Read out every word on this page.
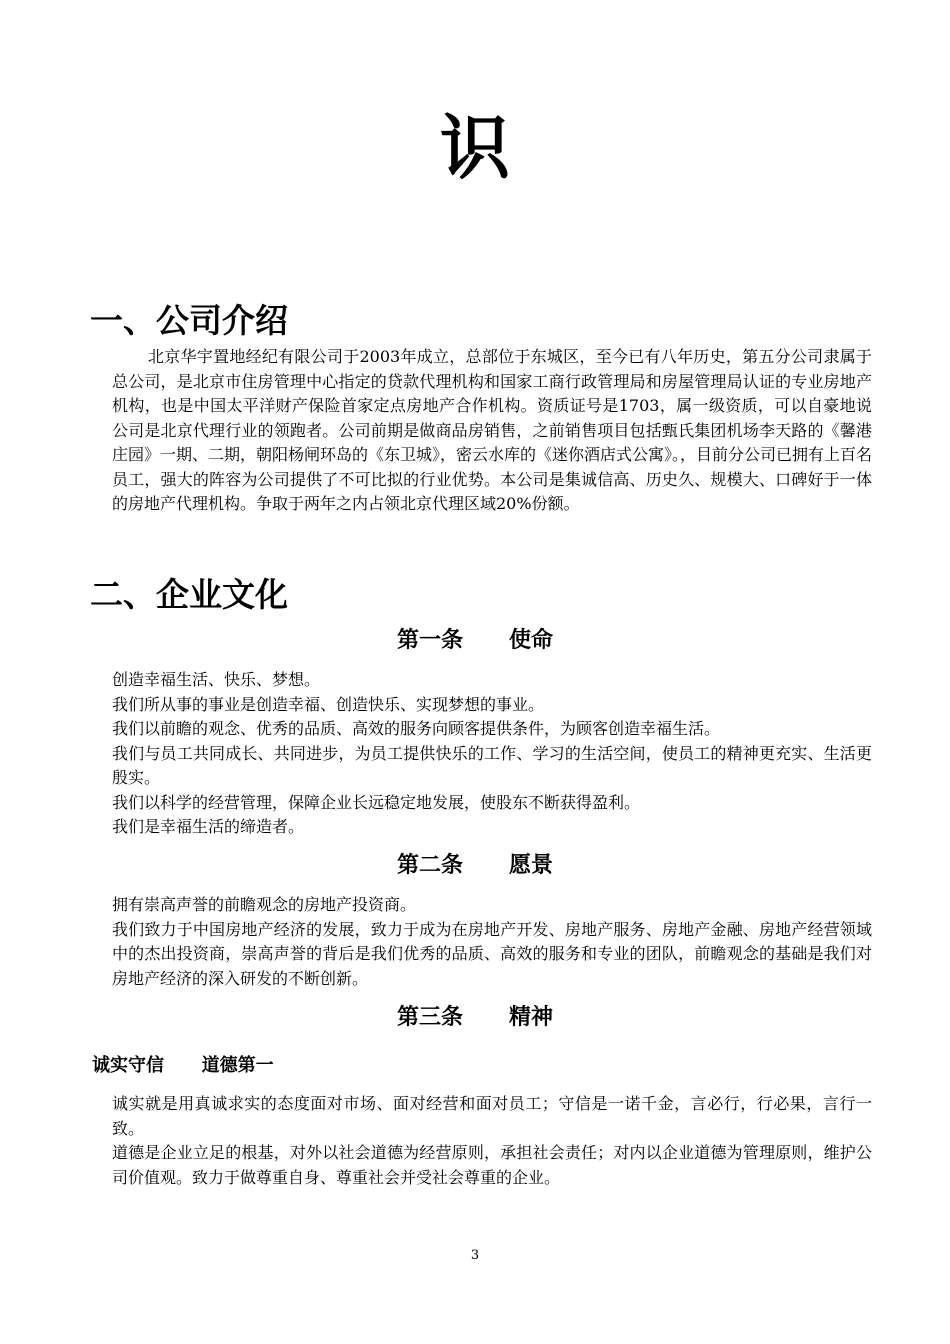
识
一、公司介绍

北京华宇置地经纪有限公司于2003年成立，总部位于东城区，至今已有八年历史，第五分公司隶属于总公司，是北京市住房管理中心指定的贷款代理机构和国家工商行政管理局和房屋管理局认证的专业房地产机构，也是中国太平洋财产保险首家定点房地产合作机构。资质证号是1703，属一级资质，可以自豪地说公司是北京代理行业的领跑者。公司前期是做商品房销售，之前销售项目包括甄氏集团机场李天路的《馨港庄园》一期、二期，朝阳杨闸环岛的《东卫城》，密云水库的《迷你酒店式公寓》。，目前分公司已拥有上百名员工，强大的阵容为公司提供了不可比拟的行业优势。本公司是集诚信高、历史久、规模大、口碑好于一体的房地产代理机构。争取于两年之内占领北京代理区域20%份额。

二、企业文化
第一条      使命
创造幸福生活、快乐、梦想。
我们所从事的事业是创造幸福、创造快乐、实现梦想的事业。
我们以前瞻的观念、优秀的品质、高效的服务向顾客提供条件，为顾客创造幸福生活。
我们与员工共同成长、共同进步，为员工提供快乐的工作、学习的生活空间，使员工的精神更充实、生活更殷实。
我们以科学的经营管理，保障企业长远稳定地发展，使股东不断获得盈利。
我们是幸福生活的缔造者。
第二条      愿景
拥有崇高声誉的前瞻观念的房地产投资商。
我们致力于中国房地产经济的发展，致力于成为在房地产开发、房地产服务、房地产金融、房地产经营领域中的杰出投资商，崇高声誉的背后是我们优秀的品质、高效的服务和专业的团队，前瞻观念的基础是我们对房地产经济的深入研发的不断创新。
第三条      精神
诚实守信      道德第一
诚实就是用真诚求实的态度面对市场、面对经营和面对员工；守信是一诺千金，言必行，行必果，言行一致。
道德是企业立足的根基，对外以社会道德为经营原则，承担社会责任；对内以企业道德为管理原则，维护公司价值观。致力于做尊重自身、尊重社会并受社会尊重的企业。
3
